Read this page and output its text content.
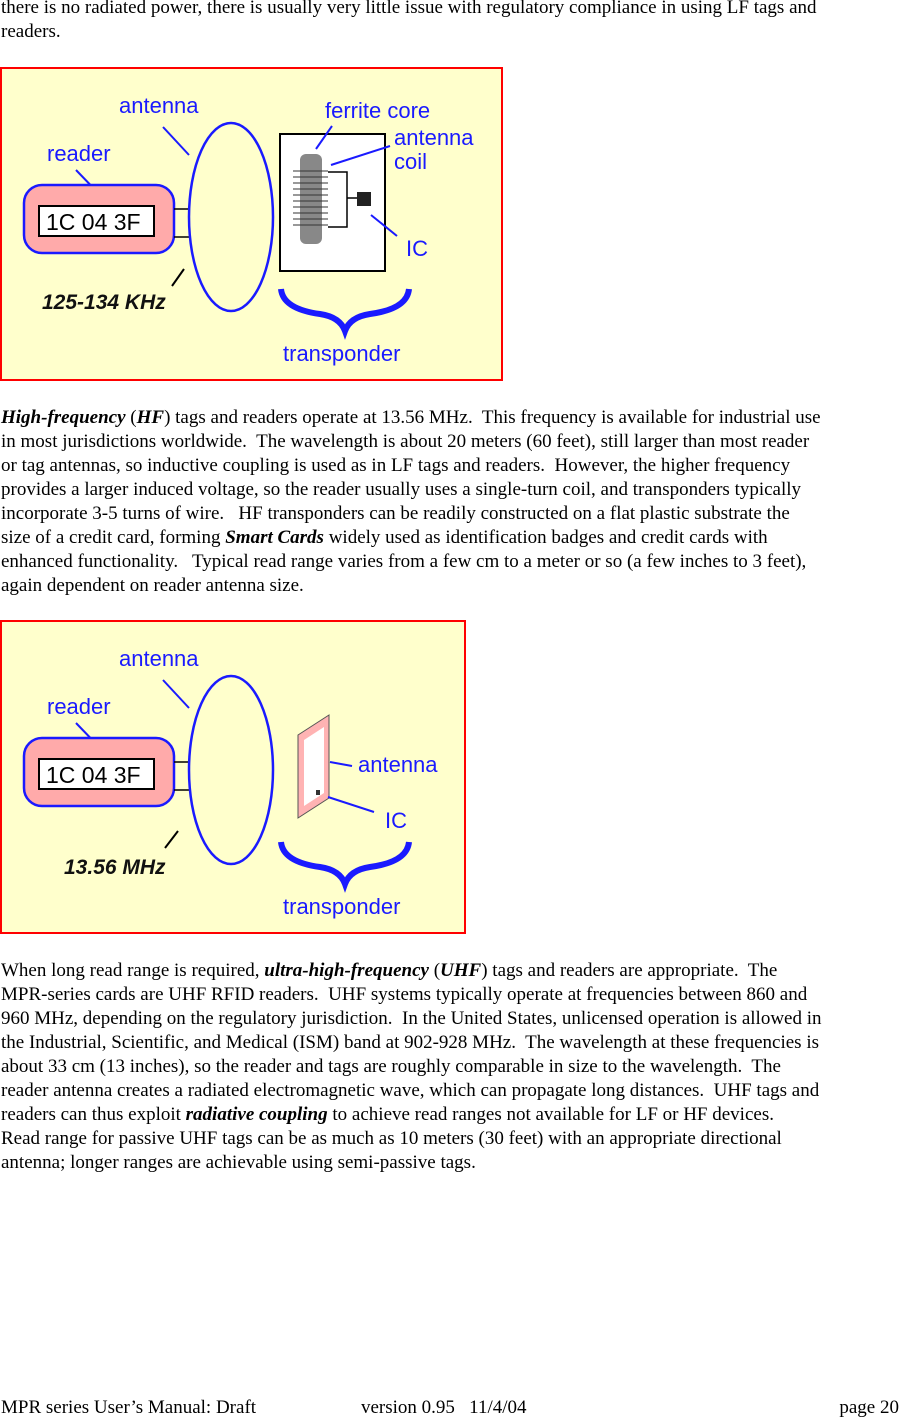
there is no radiated power, there is usually very little issue with regulatory compliance in using LF tags and
readers.
antenna
reader
1C 04 3F
125-134 KHz
ferrite core
antenna
coil
IC
transponder
High-frequency (HF) tags and readers operate at 13.56 MHz.  This frequency is available for industrial use
in most jurisdictions worldwide.  The wavelength is about 20 meters (60 feet), still larger than most reader
or tag antennas, so inductive coupling is used as in LF tags and readers.  However, the higher frequency
provides a larger induced voltage, so the reader usually uses a single-turn coil, and transponders typically
incorporate 3-5 turns of wire.   HF transponders can be readily constructed on a flat plastic substrate the
size of a credit card, forming Smart Cards widely used as identification badges and credit cards with
enhanced functionality.   Typical read range varies from a few cm to a meter or so (a few inches to 3 feet),
again dependent on reader antenna size.
antenna
reader
1C 04 3F
13.56 MHz
antenna
IC
transponder
When long read range is required, ultra-high-frequency (UHF) tags and readers are appropriate.  The
MPR-series cards are UHF RFID readers.  UHF systems typically operate at frequencies between 860 and
960 MHz, depending on the regulatory jurisdiction.  In the United States, unlicensed operation is allowed in
the Industrial, Scientific, and Medical (ISM) band at 902-928 MHz.  The wavelength at these frequencies is
about 33 cm (13 inches), so the reader and tags are roughly comparable in size to the wavelength.  The
reader antenna creates a radiated electromagnetic wave, which can propagate long distances.  UHF tags and
readers can thus exploit radiative coupling to achieve read ranges not available for LF or HF devices.
Read range for passive UHF tags can be as much as 10 meters (30 feet) with an appropriate directional
antenna; longer ranges are achievable using semi-passive tags.
MPR series User’s Manual: Draft	version 0.95   11/4/04	page 20
